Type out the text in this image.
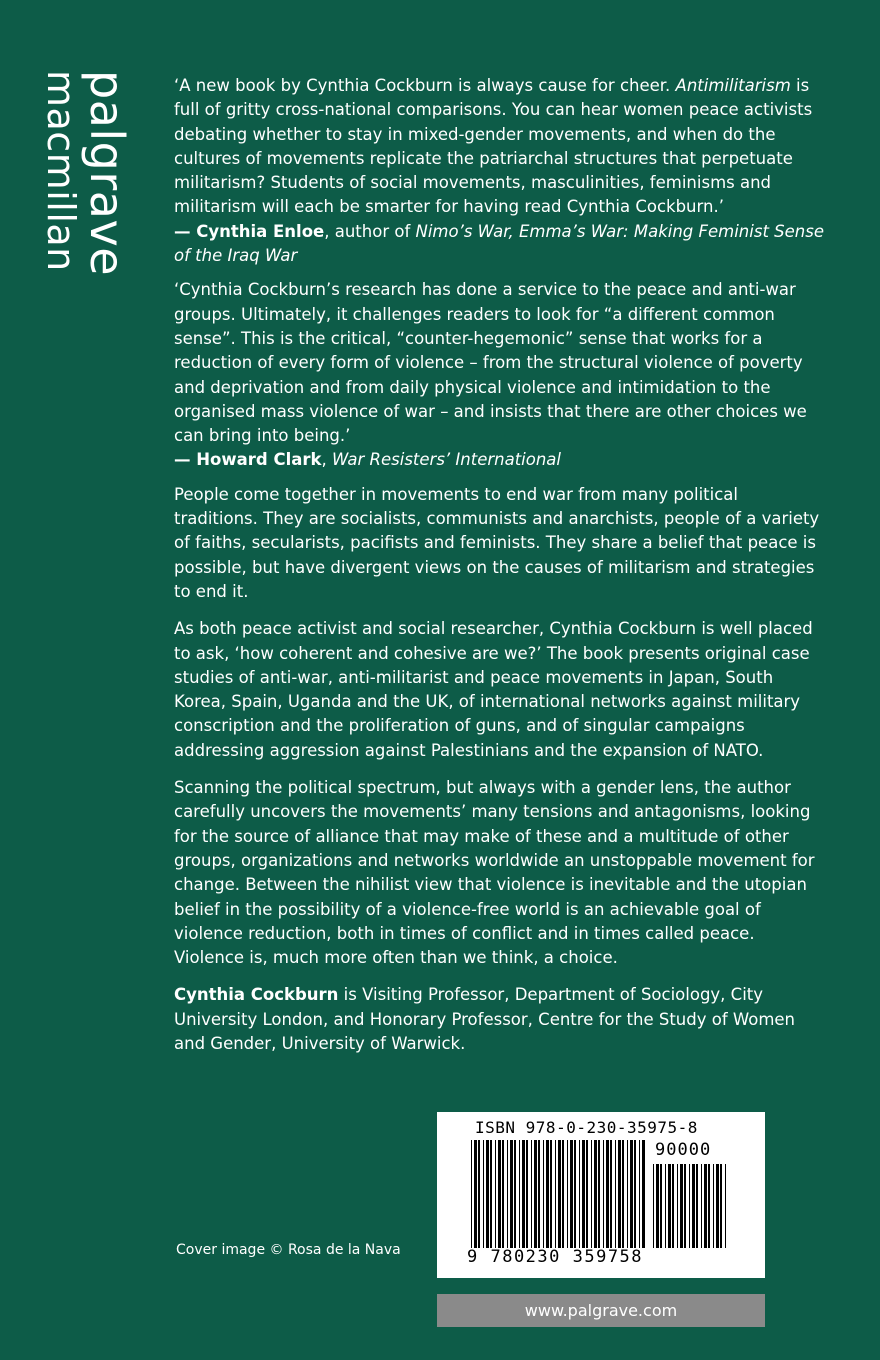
palgrave
macmillan	‘A new book by Cynthia Cockburn is always cause for cheer. Antimilitarism is full of gritty cross-national comparisons. You can hear women peace activists debating whether to stay in mixed-gender movements, and when do the cultures of movements replicate the patriarchal structures that perpetuate militarism? Students of social movements, masculinities, feminisms and militarism will each be smarter for having read Cynthia Cockburn.’

— Cynthia Enloe, author of Nimo’s War, Emma’s War: Making Feminist Sense of the Iraq War

‘Cynthia Cockburn’s research has done a service to the peace and anti-war groups. Ultimately, it challenges readers to look for “a different common sense”. This is the critical, “counter-hegemonic” sense that works for a reduction of every form of violence – from the structural violence of poverty and deprivation and from daily physical violence and intimidation to the organised mass violence of war – and insists that there are other choices we can bring into being.’

— Howard Clark, War Resisters’ International

People come together in movements to end war from many political traditions. They are socialists, communists and anarchists, people of a variety of faiths, secularists, pacifists and feminists. They share a belief that peace is possible, but have divergent views on the causes of militarism and strategies to end it.

As both peace activist and social researcher, Cynthia Cockburn is well placed to ask, ‘how coherent and cohesive are we?’ The book presents original case studies of anti-war, anti-militarist and peace movements in Japan, South Korea, Spain, Uganda and the UK, of international networks against military conscription and the proliferation of guns, and of singular campaigns addressing aggression against Palestinians and the expansion of NATO.

Scanning the political spectrum, but always with a gender lens, the author carefully uncovers the movements’ many tensions and antagonisms, looking for the source of alliance that may make of these and a multitude of other groups, organizations and networks worldwide an unstoppable movement for change. Between the nihilist view that violence is inevitable and the utopian belief in the possibility of a violence-free world is an achievable goal of violence reduction, both in times of conflict and in times called peace. Violence is, much more often than we think, a choice.

Cynthia Cockburn is Visiting Professor, Department of Sociology, City University London, and Honorary Professor, Centre for the Study of Women and Gender, University of Warwick.

Cover image © Rosa de la Nava
ISBN 978-0-230-35975-8
90000
9 780230 359758
www.palgrave.com
